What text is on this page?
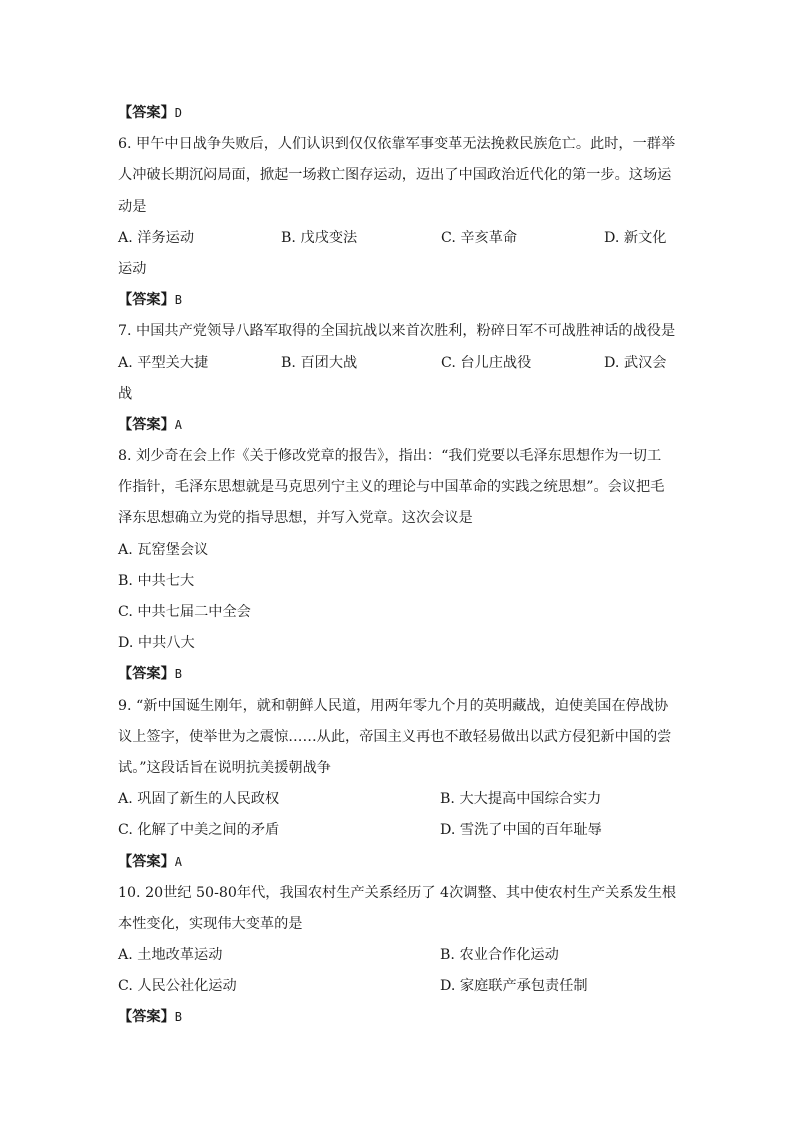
【答案】D
6. 甲午中日战争失败后，人们认识到仅仅依靠军事变革无法挽救民族危亡。此时，一群举
人冲破长期沉闷局面，掀起一场救亡图存运动，迈出了中国政治近代化的第一步。这场运
动是
A. 洋务运动	B. 戊戌变法	C. 辛亥革命	D. 新文化
运动
【答案】B
7. 中国共产党领导八路军取得的全国抗战以来首次胜利，粉碎日军不可战胜神话的战役是
A. 平型关大捷	B. 百团大战	C. 台儿庄战役	D. 武汉会
战
【答案】A
8. 刘少奇在会上作《关于修改党章的报告》，指出：“我们党要以毛泽东思想作为一切工
作指针，毛泽东思想就是马克思列宁主义的理论与中国革命的实践之统思想”。会议把毛
泽东思想确立为党的指导思想，并写入党章。这次会议是
A. 瓦窑堡会议
B. 中共七大
C. 中共七届二中全会
D. 中共八大
【答案】B
9. “新中国诞生刚年，就和朝鲜人民道，用两年零九个月的英明藏战，迫使美国在停战协
议上签字，使举世为之震惊……从此，帝国主义再也不敢轻易做出以武方侵犯新中国的尝
试。”这段话旨在说明抗美援朝战争
A. 巩固了新生的人民政权	B. 大大提高中国综合实力
C. 化解了中美之间的矛盾	D. 雪洗了中国的百年耻辱
【答案】A
10. 20世纪 50-80年代，我国农村生产关系经历了 4次调整、其中使农村生产关系发生根
本性变化，实现伟大变革的是
A. 土地改革运动	B. 农业合作化运动
C. 人民公社化运动	D. 家庭联产承包责任制
【答案】B
